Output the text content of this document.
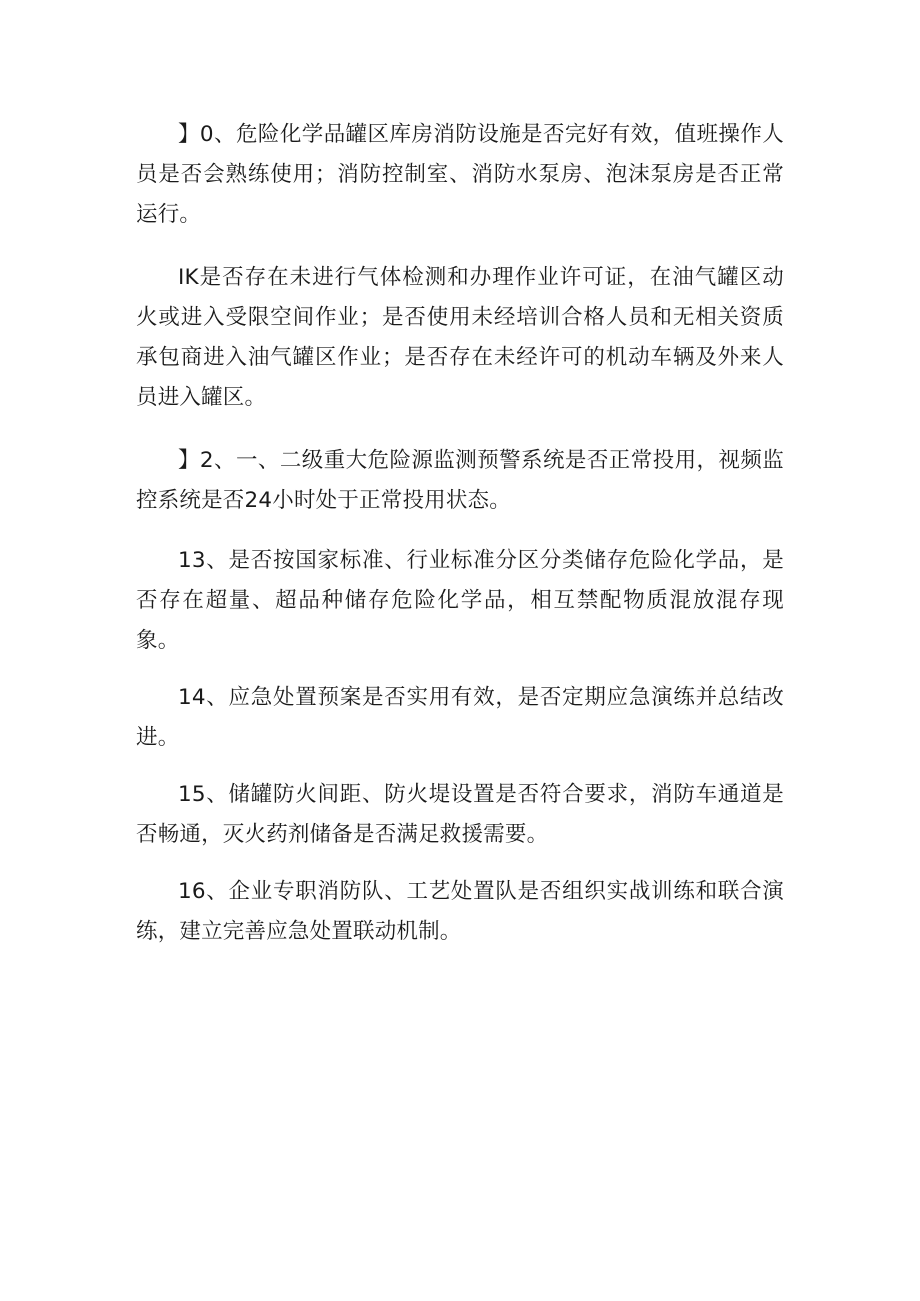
】0、危险化学品罐区库房消防设施是否完好有效，值班操作人员是否会熟练使用；消防控制室、消防水泵房、泡沫泵房是否正常运行。

IK是否存在未进行气体检测和办理作业许可证，在油气罐区动火或进入受限空间作业；是否使用未经培训合格人员和无相关资质承包商进入油气罐区作业；是否存在未经许可的机动车辆及外来人员进入罐区。

】2、一、二级重大危险源监测预警系统是否正常投用，视频监控系统是否24小时处于正常投用状态。

13、是否按国家标准、行业标准分区分类储存危险化学品，是否存在超量、超品种储存危险化学品，相互禁配物质混放混存现象。

14、应急处置预案是否实用有效，是否定期应急演练并总结改进。

15、储罐防火间距、防火堤设置是否符合要求，消防车通道是否畅通，灭火药剂储备是否满足救援需要。

16、企业专职消防队、工艺处置队是否组织实战训练和联合演练，建立完善应急处置联动机制。
